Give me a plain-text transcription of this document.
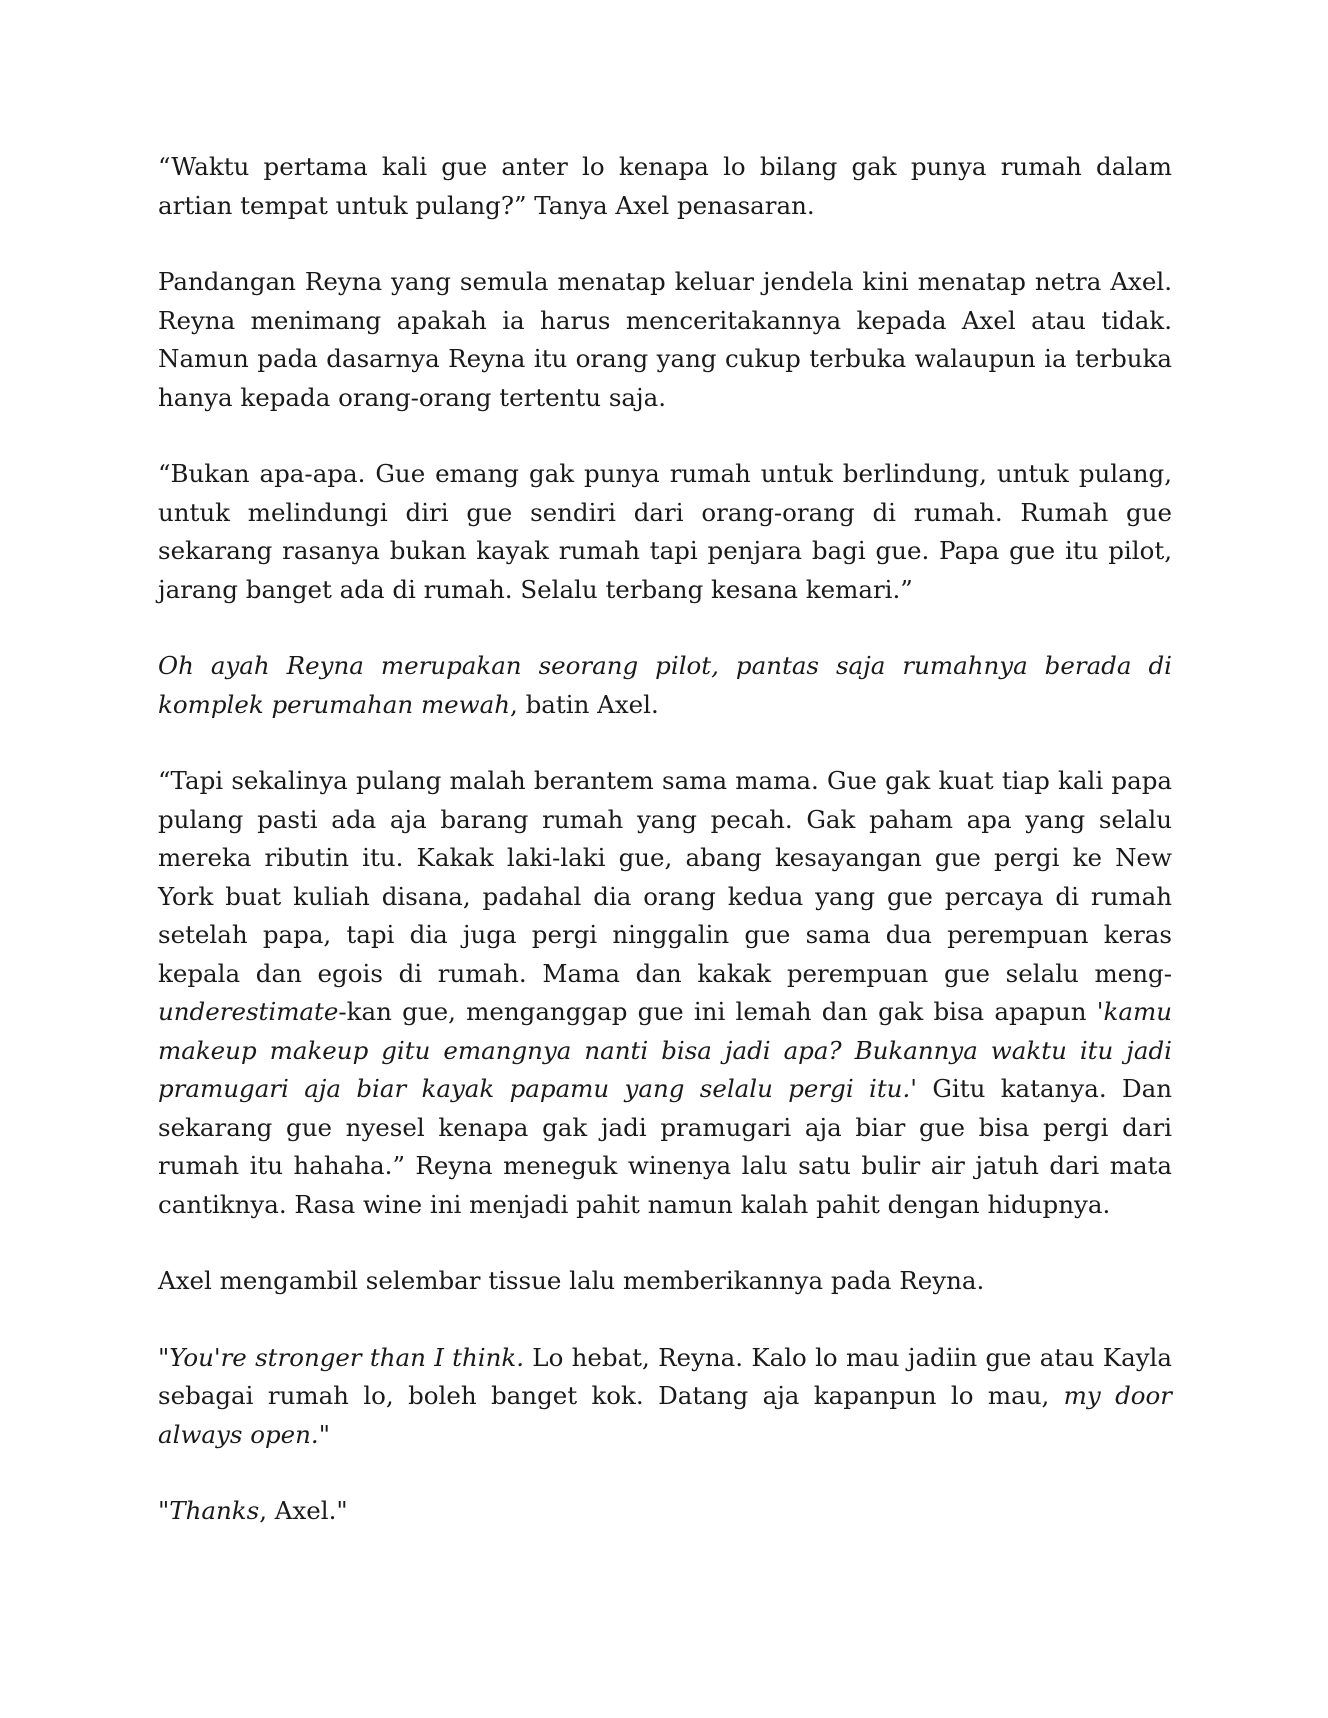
“Waktu pertama kali gue anter lo kenapa lo bilang gak punya rumah dalam artian tempat untuk pulang?” Tanya Axel penasaran.

Pandangan Reyna yang semula menatap keluar jendela kini menatap netra Axel. Reyna menimang apakah ia harus menceritakannya kepada Axel atau tidak. Namun pada dasarnya Reyna itu orang yang cukup terbuka walaupun ia terbuka hanya kepada orang-orang tertentu saja.

“Bukan apa-apa. Gue emang gak punya rumah untuk berlindung, untuk pulang, untuk melindungi diri gue sendiri dari orang-orang di rumah. Rumah gue sekarang rasanya bukan kayak rumah tapi penjara bagi gue. Papa gue itu pilot, jarang banget ada di rumah. Selalu terbang kesana kemari.”

Oh ayah Reyna merupakan seorang pilot, pantas saja rumahnya berada di komplek perumahan mewah, batin Axel.

“Tapi sekalinya pulang malah berantem sama mama. Gue gak kuat tiap kali papa pulang pasti ada aja barang rumah yang pecah. Gak paham apa yang selalu mereka ributin itu. Kakak laki-laki gue, abang kesayangan gue pergi ke New York buat kuliah disana, padahal dia orang kedua yang gue percaya di rumah setelah papa, tapi dia juga pergi ninggalin gue sama dua perempuan keras kepala dan egois di rumah. Mama dan kakak perempuan gue selalu meng-underestimate-kan gue, menganggap gue ini lemah dan gak bisa apapun 'kamu makeup makeup gitu emangnya nanti bisa jadi apa? Bukannya waktu itu jadi pramugari aja biar kayak papamu yang selalu pergi itu.' Gitu katanya. Dan sekarang gue nyesel kenapa gak jadi pramugari aja biar gue bisa pergi dari rumah itu hahaha.” Reyna meneguk winenya lalu satu bulir air jatuh dari mata cantiknya. Rasa wine ini menjadi pahit namun kalah pahit dengan hidupnya.

Axel mengambil selembar tissue lalu memberikannya pada Reyna.

"You're stronger than I think. Lo hebat, Reyna. Kalo lo mau jadiin gue atau Kayla sebagai rumah lo, boleh banget kok. Datang aja kapanpun lo mau, my door always open."

"Thanks, Axel."
